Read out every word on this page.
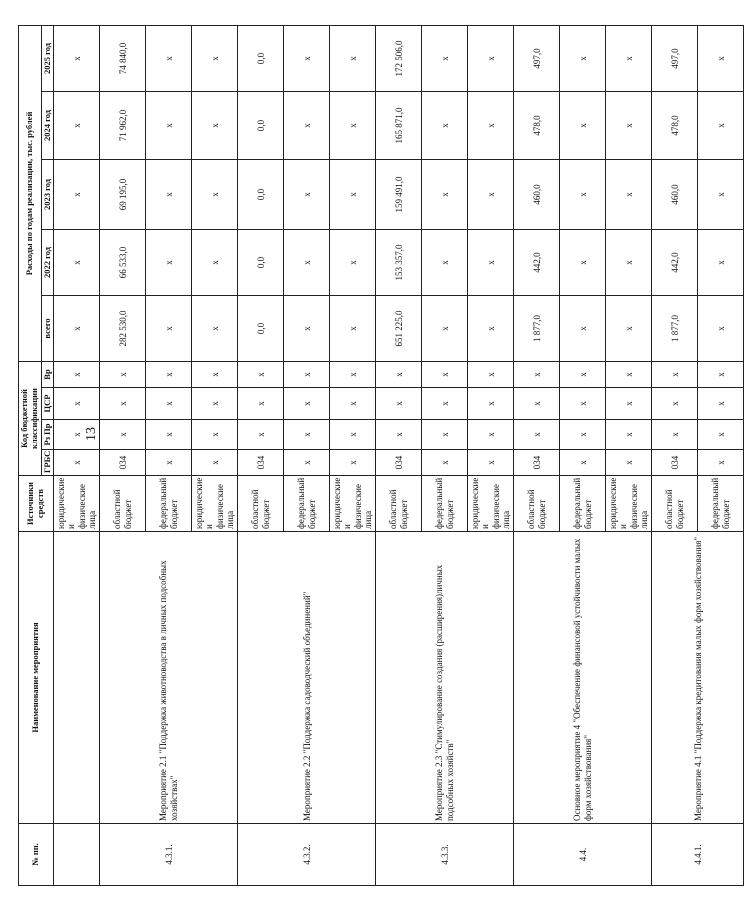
13
№ пп.	Наименование мероприятия	Источники средств	Код бюджетной классификации				Расходы по годам реализации, тыс. рублей				
			ГРБС	Рз Пр	ЦСР	Вр	всего	2022 год	2023 год	2024 год	2025 год
		юридические и физические лица	x	x	x	x	x	x	x	x	x
4.3.1.	Мероприятие 2.1 "Поддержка животноводства в личных подсобных хозяйствах"	областной бюджет	034	x	x	x	282 530,0	66 533,0	69 195,0	71 962,0	74 840,0
		федеральный бюджет	x	x	x	x	x	x	x	x	x
		юридические и физические лица	x	x	x	x	x	x	x	x	x
4.3.2.	Мероприятие 2.2 "Поддержка садоводческий объединений"	областной бюджет	034	x	x	x	0,0	0,0	0,0	0,0	0,0
		федеральный бюджет	x	x	x	x	x	x	x	x	x
		юридические и физические лица	x	x	x	x	x	x	x	x	x
4.3.3.	Мероприятие 2.3 "Стимулирование создания (расширения)личных подсобных хозяйств"	областной бюджет	034	x	x	x	651 225,0	153 357,0	159 491,0	165 871,0	172 506,0
		федеральный бюджет	x	x	x	x	x	x	x	x	x
		юридические и физические лица	x	x	x	x	x	x	x	x	x
4.4.	Основное мероприятие 4 "Обеспечение финансовой устойчивости малых форм хозяйствования"	областной бюджет	034	x	x	x	1 877,0	442,0	460,0	478,0	497,0
		федеральный бюджет	x	x	x	x	x	x	x	x	x
		юридические и физические лица	x	x	x	x	x	x	x	x	x
4.4.1.	Мероприятие 4.1 "Поддержка кредитования малых форм хозяйствования"	областной бюджет	034	x	x	x	1 877,0	442,0	460,0	478,0	497,0
		федеральный бюджет	x	x	x	x	x	x	x	x	x
